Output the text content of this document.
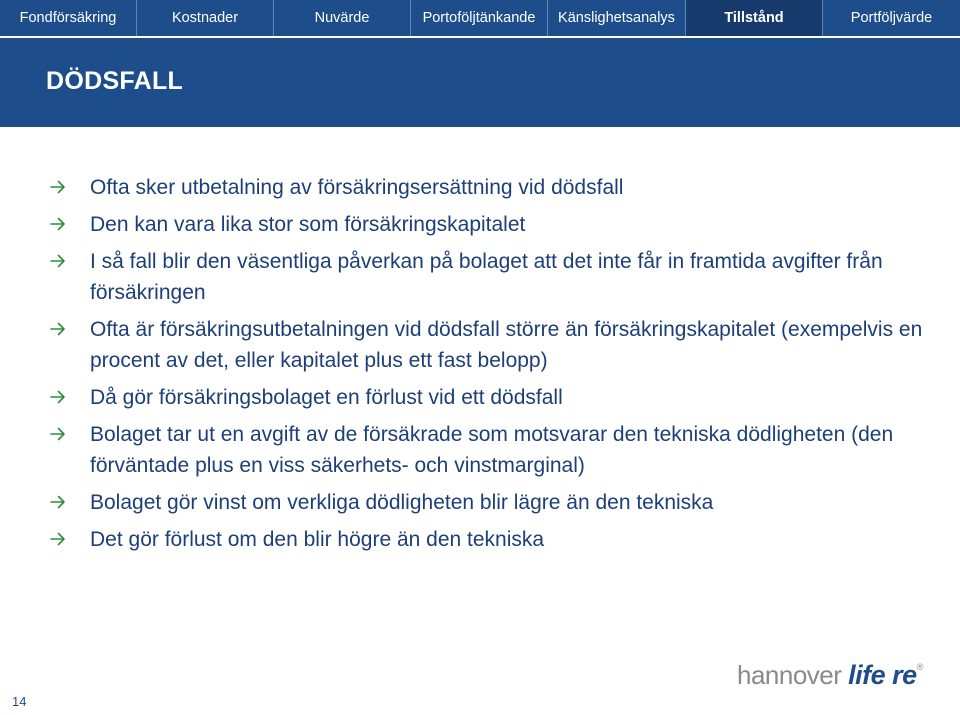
Fondförsäkring	Kostnader	Nuvärde	Portoföljtänkande	Känslighetsanalys	Tillstånd	Portföljvärde
DÖDSFALL
Ofta sker utbetalning av försäkringsersättning vid dödsfall
Den kan vara lika stor som försäkringskapitalet
I så fall blir den väsentliga påverkan på bolaget att det inte får in framtida avgifter från försäkringen
Ofta är försäkringsutbetalningen vid dödsfall större än försäkringskapitalet (exempelvis en procent av det, eller kapitalet plus ett fast belopp)
Då gör försäkringsbolaget en förlust vid ett dödsfall
Bolaget tar ut en avgift av de försäkrade som motsvarar den tekniska dödligheten (den förväntade plus en viss säkerhets- och vinstmarginal)
Bolaget gör vinst om verkliga dödligheten blir lägre än den tekniska
Det gör förlust om den blir högre än den tekniska
14
hannover life re®
